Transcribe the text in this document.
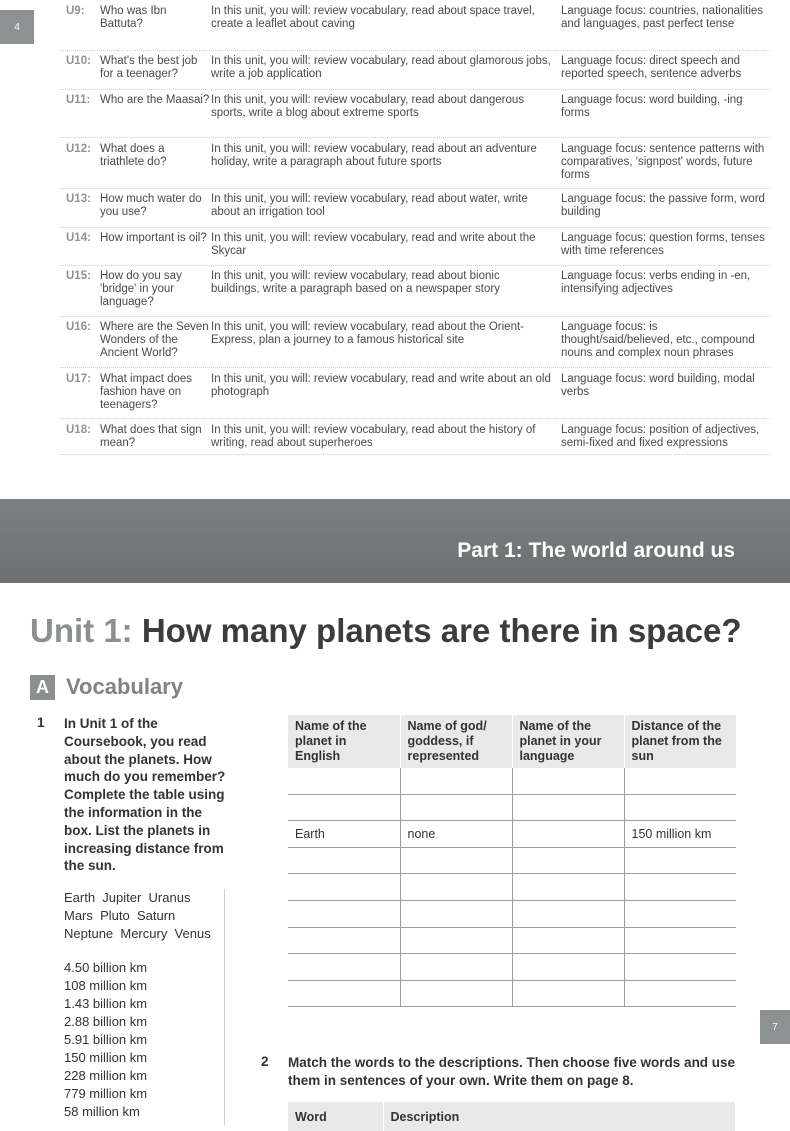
4
7
U9: Who was Ibn Battuta?
In this unit, you will: review vocabulary, read about space travel, create a leaflet about caving
Language focus: countries, nationalities and languages, past perfect tense
U10: What's the best job for a teenager?
In this unit, you will: review vocabulary, read about glamorous jobs, write a job application
Language focus: direct speech and reported speech, sentence adverbs
U11: Who are the Maasai? In this unit, you will: review vocabulary, read about dangerous sports, write a blog about extreme sports
Language focus: word building, -ing forms
U12: What does a triathlete do?
In this unit, you will: review vocabulary, read about an adventure holiday, write a paragraph about future sports
Language focus: sentence patterns with comparatives, 'signpost' words, future forms
U13: How much water do you use?
In this unit, you will: review vocabulary, read about water, write about an irrigation tool
Language focus: the passive form, word building
U14: How important is oil? In this unit, you will: review vocabulary, read and write about the Skycar
Language focus: question forms, tenses with time references
U15: How do you say 'bridge' in your language?
In this unit, you will: review vocabulary, read about bionic buildings, write a paragraph based on a newspaper story
Language focus: verbs ending in -en, intensifying adjectives
U16: Where are the Seven Wonders of the Ancient World?
In this unit, you will: review vocabulary, read about the Orient-Express, plan a journey to a famous historical site
Language focus: is thought/said/believed, etc., compound nouns and complex noun phrases
U17: What impact does fashion have on teenagers?
In this unit, you will: review vocabulary, read and write about an old photograph
Language focus: word building, modal verbs
U18: What does that sign mean?
In this unit, you will: review vocabulary, read about the history of writing, read about superheroes
Language focus: position of adjectives, semi-fixed and fixed expressions
Part 1: The world around us
Unit 1: How many planets are there in space?
A Vocabulary
1 In Unit 1 of the Coursebook, you read about the planets. How much do you remember? Complete the table using the information in the box. List the planets in increasing distance from the sun.
Earth  Jupiter  Uranus
Mars  Pluto  Saturn
Neptune  Mercury  Venus
4.50 billion km
108 million km
1.43 billion km
2.88 billion km
5.91 billion km
150 million km
228 million km
779 million km
58 million km
Name of the planet in English	Name of god/ goddess, if represented	Name of the planet in your language	Distance of the planet from the sun

Earth	none		150 million km

2 Match the words to the descriptions. Then choose five words and use them in sentences of your own. Write them on page 8.
Word	Description
